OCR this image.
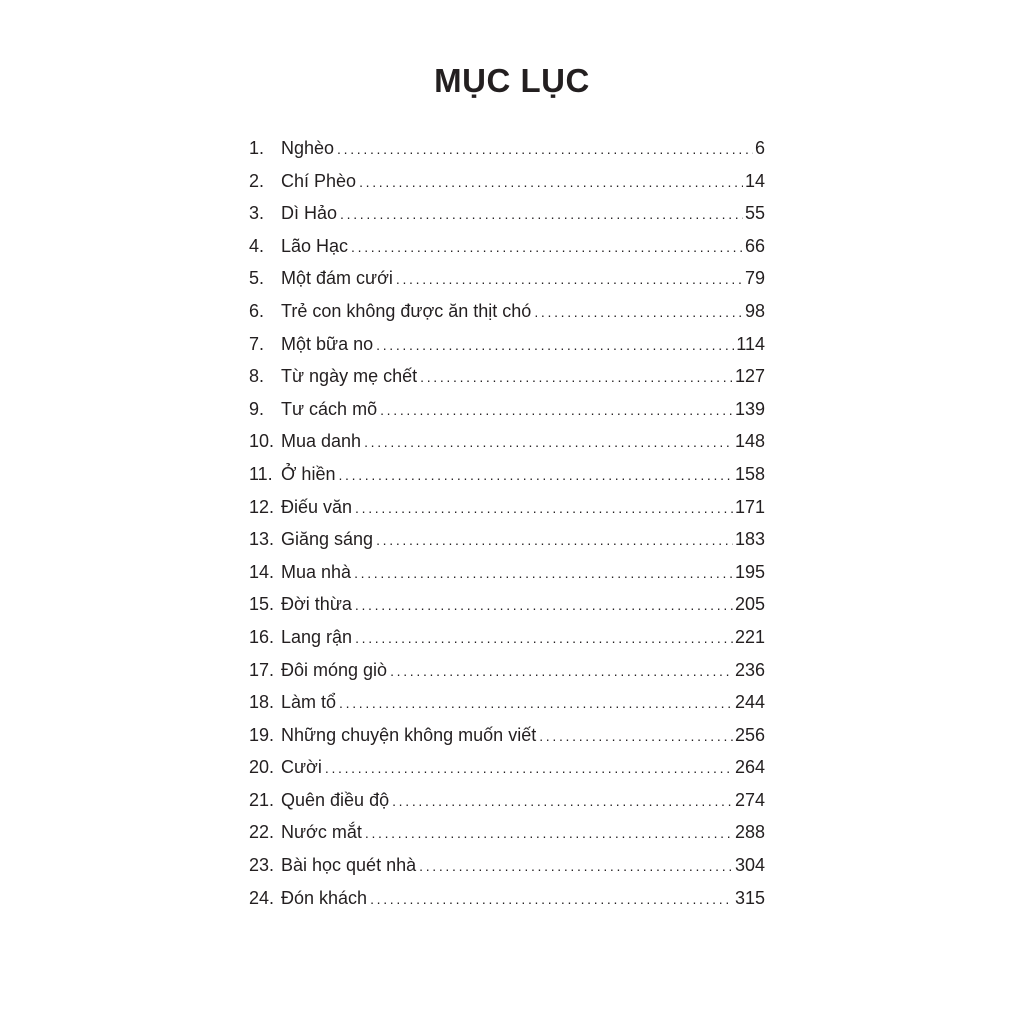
MỤC LỤC
1. Nghèo . . .	6
2. Chí Phèo . . .	14
3. Dì Hảo . . .	55
4. Lão Hạc . . .	66
5. Một đám cưới . . .	79
6. Trẻ con không được ăn thịt chó . . .	98
7. Một bữa no . . .	114
8. Từ ngày mẹ chết . . .	127
9. Tư cách mõ . . .	139
10. Mua danh . . .	148
11. Ở hiền . . .	158
12. Điếu văn . . .	171
13. Giăng sáng . . .	183
14. Mua nhà . . .	195
15. Đời thừa . . .	205
16. Lang rận . . .	221
17. Đôi móng giò . . .	236
18. Làm tổ . . .	244
19. Những chuyện không muốn viết . . .	256
20. Cười . . .	264
21. Quên điều độ . . .	274
22. Nước mắt . . .	288
23. Bài học quét nhà . . .	304
24. Đón khách . . .	315
